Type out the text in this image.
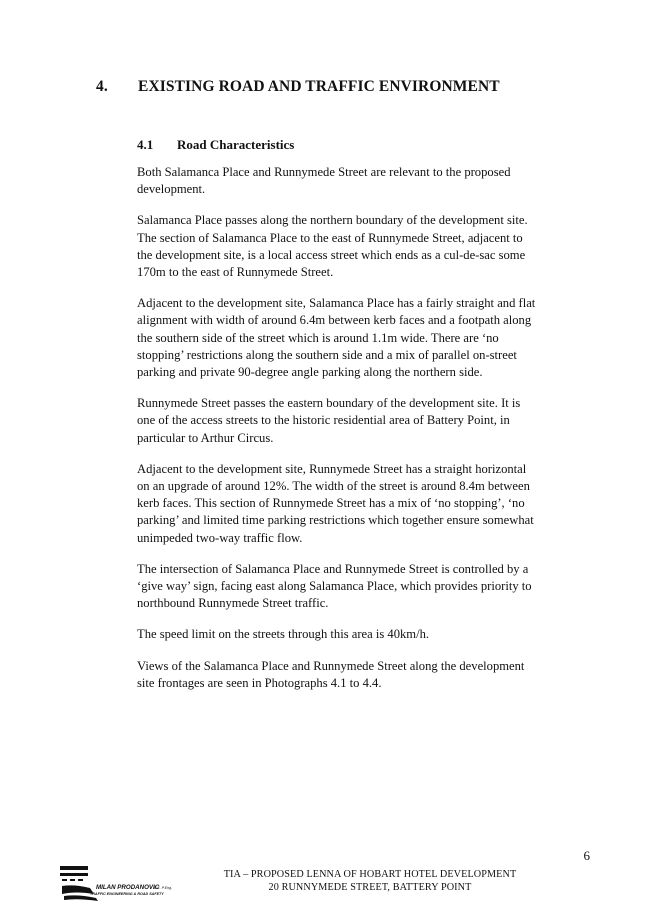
4. EXISTING ROAD AND TRAFFIC ENVIRONMENT
4.1 Road Characteristics

Both Salamanca Place and Runnymede Street are relevant to the proposed
development.

Salamanca Place passes along the northern boundary of the development site.
The section of Salamanca Place to the east of Runnymede Street, adjacent to
the development site, is a local access street which ends as a cul-de-sac some
170m to the east of Runnymede Street.

Adjacent to the development site, Salamanca Place has a fairly straight and flat
alignment with width of around 6.4m between kerb faces and a footpath along
the southern side of the street which is around 1.1m wide. There are ‘no
stopping’ restrictions along the southern side and a mix of parallel on-street
parking and private 90-degree angle parking along the northern side.

Runnymede Street passes the eastern boundary of the development site. It is
one of the access streets to the historic residential area of Battery Point, in
particular to Arthur Circus.

Adjacent to the development site, Runnymede Street has a straight horizontal
on an upgrade of around 12%. The width of the street is around 8.4m between
kerb faces. This section of Runnymede Street has a mix of ‘no stopping’, ‘no
parking’ and limited time parking restrictions which together ensure somewhat
unimpeded two-way traffic flow.

The intersection of Salamanca Place and Runnymede Street is controlled by a
‘give way’ sign, facing east along Salamanca Place, which provides priority to
northbound Runnymede Street traffic.

The speed limit on the streets through this area is 40km/h.

Views of the Salamanca Place and Runnymede Street along the development
site frontages are seen in Photographs 4.1 to 4.4.

6
MILAN PRODANOVIC
B.E. P.Eng.
TRAFFIC ENGINEERING & ROAD SAFETY
TIA – PROPOSED LENNA OF HOBART HOTEL DEVELOPMENT
20 RUNNYMEDE STREET, BATTERY POINT
